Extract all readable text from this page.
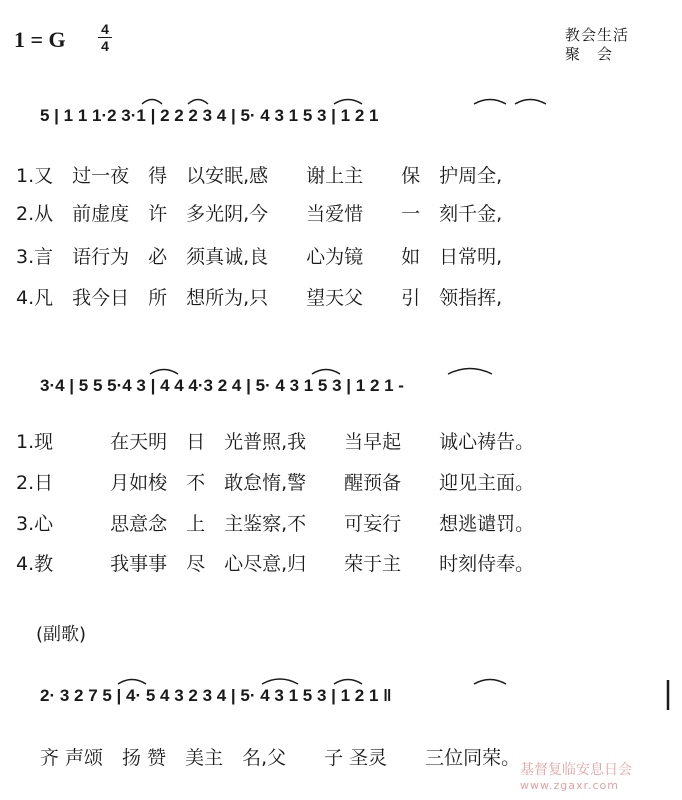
1 = G	4
4
教会生活
聚　会
5 | 1 1 1·2 3·1 | 2 2 2 3 4 | 5· 4 3 1 5 3 | 1 2 1
1.又　过一夜　得　以安眠,感　　谢上主　　保　护周全,
2.从　前虚度　许　多光阴,今　　当爱惜　　一　刻千金,
3.言　语行为　必　须真诚,良　　心为镜　　如　日常明,
4.凡　我今日　所　想所为,只　　望天父　　引　领指挥,
3·4 | 5 5 5·4 3 | 4 4 4·3 2 4 | 5· 4 3 1 5 3 | 1 2 1 -
1.现　　　在天明　日　光普照,我　　当早起　　诚心祷告。
2.日　　　月如梭　不　敢怠惰,警　　醒预备　　迎见主面。
3.心　　　思意念　上　主鉴察,不　　可妄行　　想逃谴罚。
4.教　　　我事事　尽　心尽意,归　　荣于主　　时刻侍奉。
(副歌)
2· 3 2 7 5 | 4· 5 4 3 2 3 4 | 5· 4 3 1 5 3 | 1 2 1 ‖
齐 声颂　扬 赞　美主　名,父　　子 圣灵　　三位同荣。
基督复临安息日会
www.zgaxr.com
